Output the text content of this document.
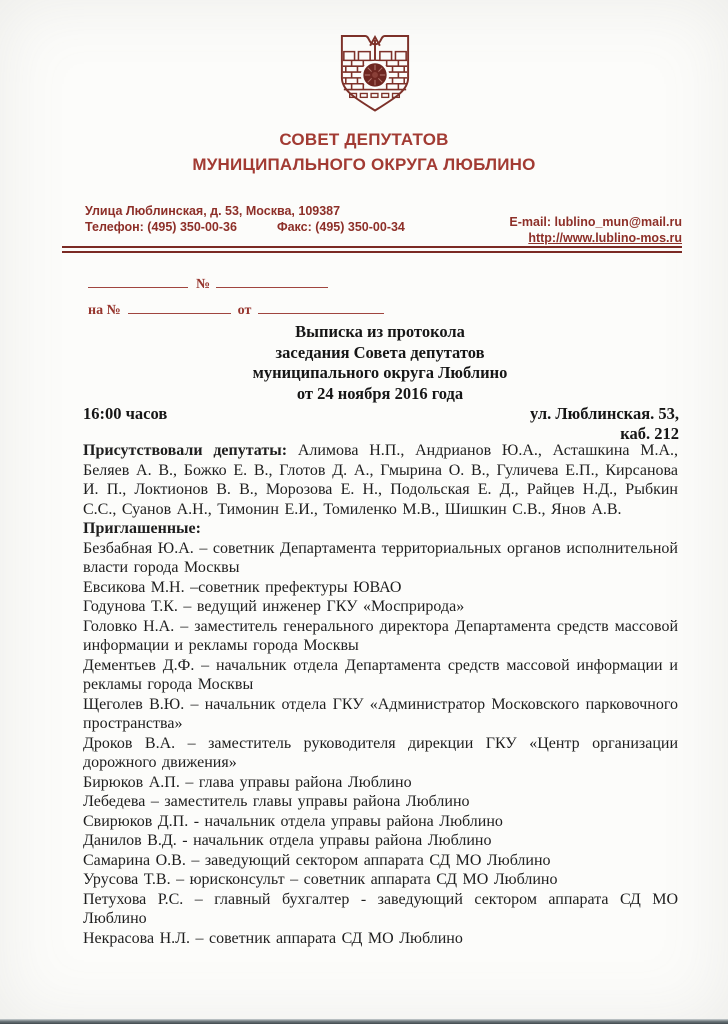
СОВЕТ ДЕПУТАТОВ
МУНИЦИПАЛЬНОГО ОКРУГА ЛЮБЛИНО
Улица Люблинская, д. 53, Москва, 109387
Телефон: (495) 350-00-36	Факс: (495) 350-00-34	E-mail: lublino_mun@mail.ru
http://www.lublino-mos.ru
№
на №	от
Выписка из протокола
заседания Совета депутатов
муниципального округа Люблино
от 24 ноября 2016 года
16:00 часов	ул. Люблинская. 53,
каб. 212

Присутствовали депутаты: Алимова Н.П., Андрианов Ю.А., Асташкина М.А., Беляев А. В., Божко Е. В., Глотов Д. А., Гмырина О. В., Гуличева Е.П., Кирсанова И. П., Локтионов В. В., Морозова Е. Н., Подольская Е. Д., Райцев Н.Д., Рыбкин С.С., Суанов А.Н., Тимонин Е.И., Томиленко М.В., Шишкин С.В., Янов А.В.

Приглашенные:

Безбабная Ю.А. – советник Департамента территориальных органов исполнительной власти города Москвы

Евсикова М.Н. –советник префектуры ЮВАО

Годунова Т.К. – ведущий инженер ГКУ «Мосприрода»

Головко Н.А. – заместитель генерального директора Департамента средств массовой информации и рекламы города Москвы

Дементьев Д.Ф. – начальник отдела Департамента средств массовой информации и рекламы города Москвы

Щеголев В.Ю. – начальник отдела ГКУ «Администратор Московского парковочного пространства»

Дроков В.А. – заместитель руководителя дирекции ГКУ «Центр организации дорожного движения»

Бирюков А.П. – глава управы района Люблино

Лебедева – заместитель главы управы района Люблино

Свирюков Д.П. - начальник отдела управы района Люблино

Данилов В.Д. - начальник отдела управы района Люблино

Самарина О.В. – заведующий сектором аппарата СД МО Люблино

Урусова Т.В. – юрисконсульт – советник аппарата СД МО Люблино

Петухова Р.С. – главный бухгалтер - заведующий сектором аппарата СД МО Люблино

Некрасова Н.Л. – советник аппарата СД МО Люблино
